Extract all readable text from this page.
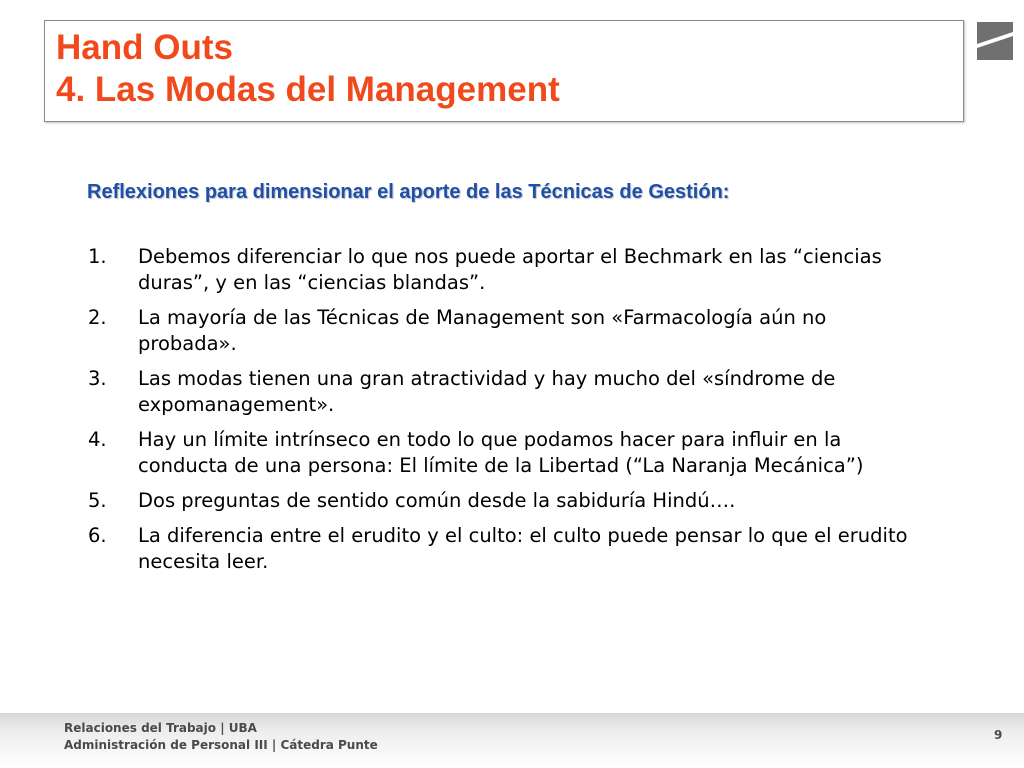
Hand Outs
4. Las Modas del Management
Reflexiones para dimensionar el aporte de las Técnicas de Gestión:
1. Debemos diferenciar lo que nos puede aportar el Bechmark en las “ciencias duras”, y en las “ciencias blandas”.
2. La mayoría de las Técnicas de Management son «Farmacología aún no probada».
3. Las modas tienen una gran atractividad y hay mucho del «síndrome de expomanagement».
4. Hay un límite intrínseco en todo lo que podamos hacer para influir en la conducta de una persona: El límite de la Libertad (“La Naranja Mecánica”)
5. Dos preguntas de sentido común desde la sabiduría Hindú….
6. La diferencia entre el erudito y el culto: el culto puede pensar lo que el erudito necesita leer.
Relaciones del Trabajo | UBA
Administración de Personal III | Cátedra Punte
9
